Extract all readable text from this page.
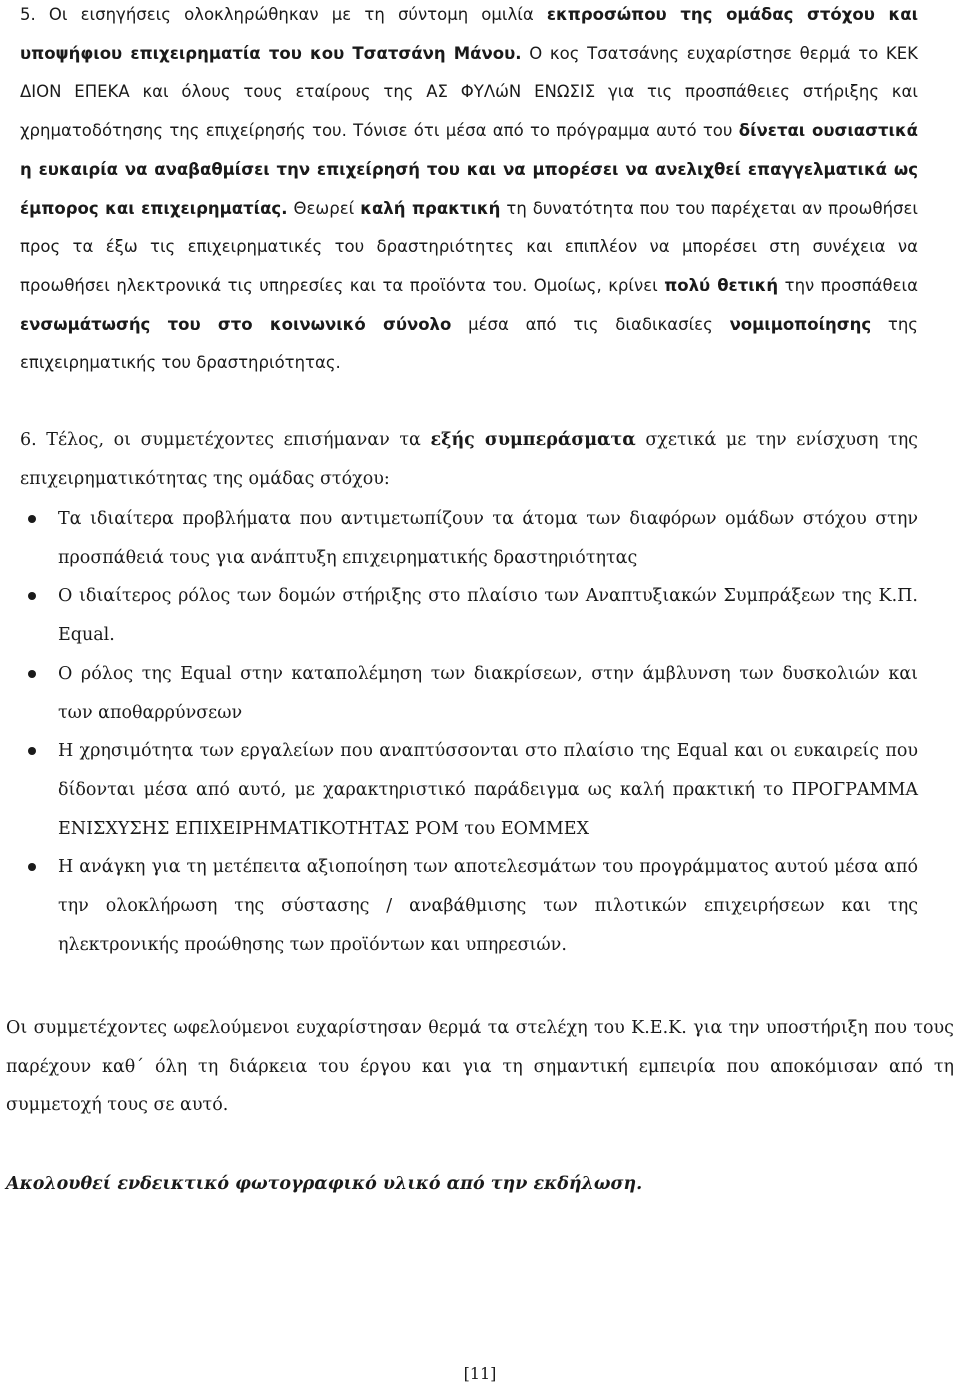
5. Οι εισηγήσεις ολοκληρώθηκαν με τη σύντομη ομιλία εκπροσώπου της ομάδας στόχου και υποψήφιου επιχειρηματία του κου Τσατσάνη Μάνου. Ο κος Τσατσάνης ευχαρίστησε θερμά το ΚΕΚ ΔΙΟΝ ΕΠΕΚΑ και όλους τους εταίρους της ΑΣ ΦΥΛώΝ ΕΝΩΣΙΣ για τις προσπάθειες στήριξης και χρηματοδότησης της επιχείρησής του. Τόνισε ότι μέσα από το πρόγραμμα αυτό του δίνεται ουσιαστικά η ευκαιρία να αναβαθμίσει την επιχείρησή του και να μπορέσει να ανελιχθεί επαγγελματικά ως έμπορος και επιχειρηματίας. Θεωρεί καλή πρακτική τη δυνατότητα που του παρέχεται αν προωθήσει προς τα έξω τις επιχειρηματικές του δραστηριότητες και επιπλέον να μπορέσει στη συνέχεια να προωθήσει ηλεκτρονικά τις υπηρεσίες και τα προϊόντα του. Ομοίως, κρίνει πολύ θετική την προσπάθεια ενσωμάτωσής του στο κοινωνικό σύνολο μέσα από τις διαδικασίες νομιμοποίησης της επιχειρηματικής του δραστηριότητας.

6. Τέλος, οι συμμετέχοντες επισήμαναν τα εξής συμπεράσματα σχετικά με την ενίσχυση της επιχειρηματικότητας της ομάδας στόχου:

Τα ιδιαίτερα προβλήματα που αντιμετωπίζουν τα άτομα των διαφόρων ομάδων στόχου στην προσπάθειά τους για ανάπτυξη επιχειρηματικής δραστηριότητας
Ο ιδιαίτερος ρόλος των δομών στήριξης στο πλαίσιο των Αναπτυξιακών Συμπράξεων της Κ.Π. Equal.
Ο ρόλος της Equal στην καταπολέμηση των διακρίσεων, στην άμβλυνση των δυσκολιών και των αποθαρρύνσεων
Η χρησιμότητα των εργαλείων που αναπτύσσονται στο πλαίσιο της Equal και οι ευκαιρείς που δίδονται μέσα από αυτό, με χαρακτηριστικό παράδειγμα ως καλή πρακτική το ΠΡΟΓΡΑΜΜΑ ΕΝΙΣΧΥΣΗΣ ΕΠΙΧΕΙΡΗΜΑΤΙΚΟΤΗΤΑΣ ΡΟΜ του ΕΟΜΜΕΧ
Η ανάγκη για τη μετέπειτα αξιοποίηση των αποτελεσμάτων του προγράμματος αυτού μέσα από την ολοκλήρωση της σύστασης / αναβάθμισης των πιλοτικών επιχειρήσεων και της ηλεκτρονικής προώθησης των προϊόντων και υπηρεσιών.

Οι συμμετέχοντες ωφελούμενοι ευχαρίστησαν θερμά τα στελέχη του Κ.Ε.Κ. για την υποστήριξη που τους παρέχουν καθ΄ όλη τη διάρκεια του έργου και για τη σημαντική εμπειρία που αποκόμισαν από τη συμμετοχή τους σε αυτό.

Ακολουθεί ενδεικτικό φωτογραφικό υλικό από την εκδήλωση.
[11]
